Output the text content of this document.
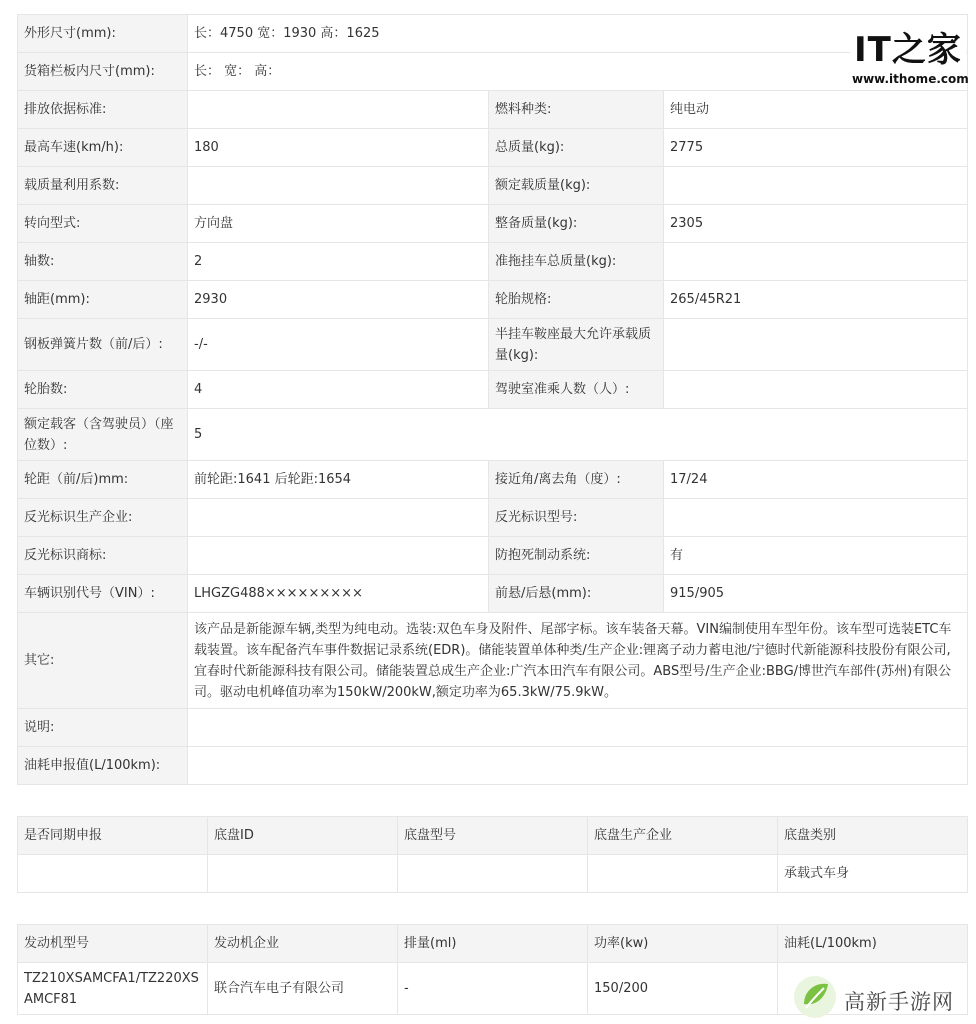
外形尺寸(mm):	长：4750 宽：1930 高：1625		
货箱栏板内尺寸(mm):	长： 宽： 高：		
排放依据标准:		燃料种类:	纯电动
最高车速(km/h):	180	总质量(kg):	2775
载质量利用系数:		额定载质量(kg):	
转向型式:	方向盘	整备质量(kg):	2305
轴数:	2	准拖挂车总质量(kg):	
轴距(mm):	2930	轮胎规格:	265/45R21
钢板弹簧片数（前/后）:	-/-	半挂车鞍座最大允许承载质量(kg):	
轮胎数:	4	驾驶室准乘人数（人）:	
额定载客（含驾驶员）（座位数）:	5		
轮距（前/后)mm:	前轮距:1641 后轮距:1654	接近角/离去角（度）:	17/24
反光标识生产企业:		反光标识型号:	
反光标识商标:		防抱死制动系统:	有
车辆识别代号（VIN）:	LHGZG488×××××××××	前悬/后悬(mm):	915/905
其它:	该产品是新能源车辆,类型为纯电动。选装:双色车身及附件、尾部字标。该车装备天幕。VIN编制使用车型年份。该车型可选装ETC车载装置。该车配备汽车事件数据记录系统(EDR)。储能装置单体种类/生产企业:锂离子动力蓄电池/宁德时代新能源科技股份有限公司,宜春时代新能源科技有限公司。储能装置总成生产企业:广汽本田汽车有限公司。ABS型号/生产企业:BBG/博世汽车部件(苏州)有限公司。驱动电机峰值功率为150kW/200kW,额定功率为65.3kW/75.9kW。		
说明:			
油耗申报值(L/100km):			
是否同期申报	底盘ID	底盘型号	底盘生产企业	底盘类别
				承载式车身
发动机型号	发动机企业	排量(ml)	功率(kw)	油耗(L/100km)
TZ210XSAMCFA1/TZ220XSAMCF81	联合汽车电子有限公司	-	150/200	
IT之家
www.ithome.com
高新手游网
